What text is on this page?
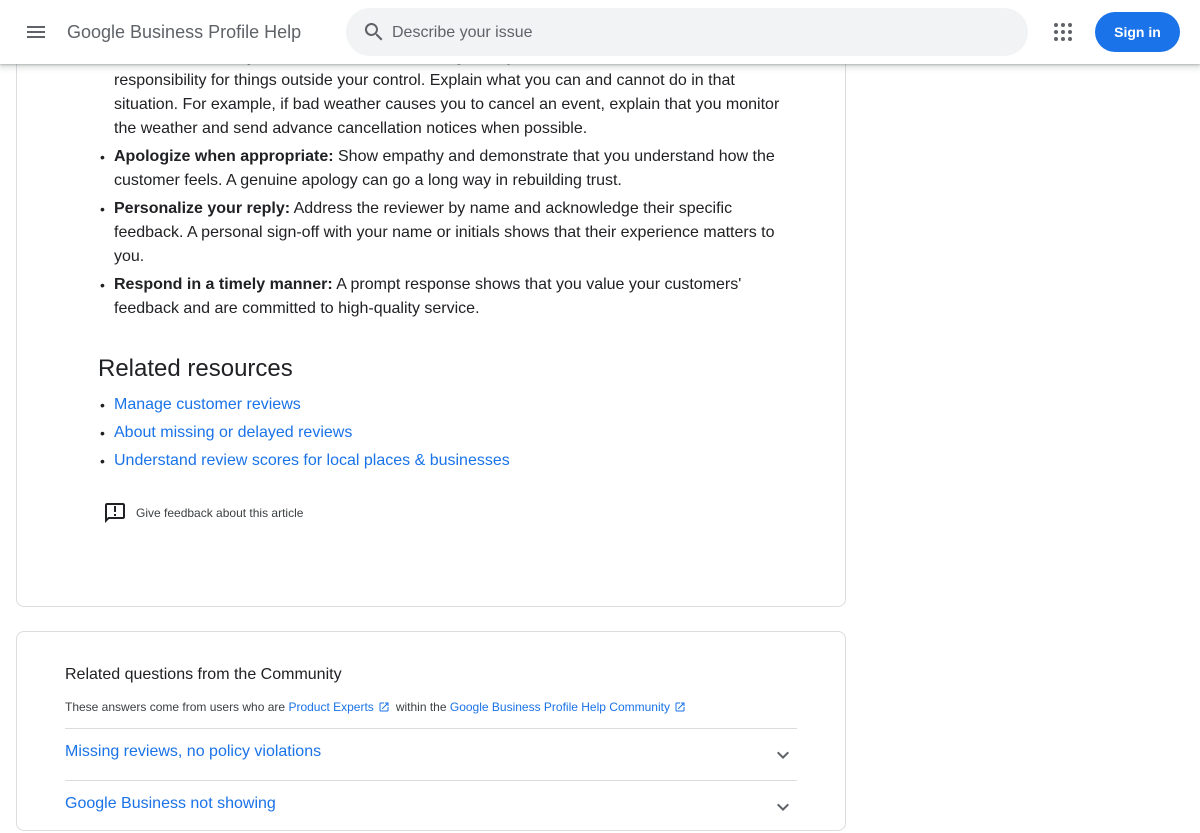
Google Business Profile Help
Describe your issue	Sign in
• responsibility for things outside your control. Explain what you can and cannot do in that situation. For example, if bad weather causes you to cancel an event, explain that you monitor the weather and send advance cancellation notices when possible.
• Apologize when appropriate: Show empathy and demonstrate that you understand how the customer feels. A genuine apology can go a long way in rebuilding trust.
• Personalize your reply: Address the reviewer by name and acknowledge their specific feedback. A personal sign-off with your name or initials shows that their experience matters to you.
• Respond in a timely manner: A prompt response shows that you value your customers' feedback and are committed to high-quality service.
Related resources
• Manage customer reviews
• About missing or delayed reviews
• Understand review scores for local places & businesses
Give feedback about this article
Related questions from the Community
These answers come from users who are
Product Experts within the
Google Business Profile Help Community
Missing reviews, no policy violations
Google Business not showing
